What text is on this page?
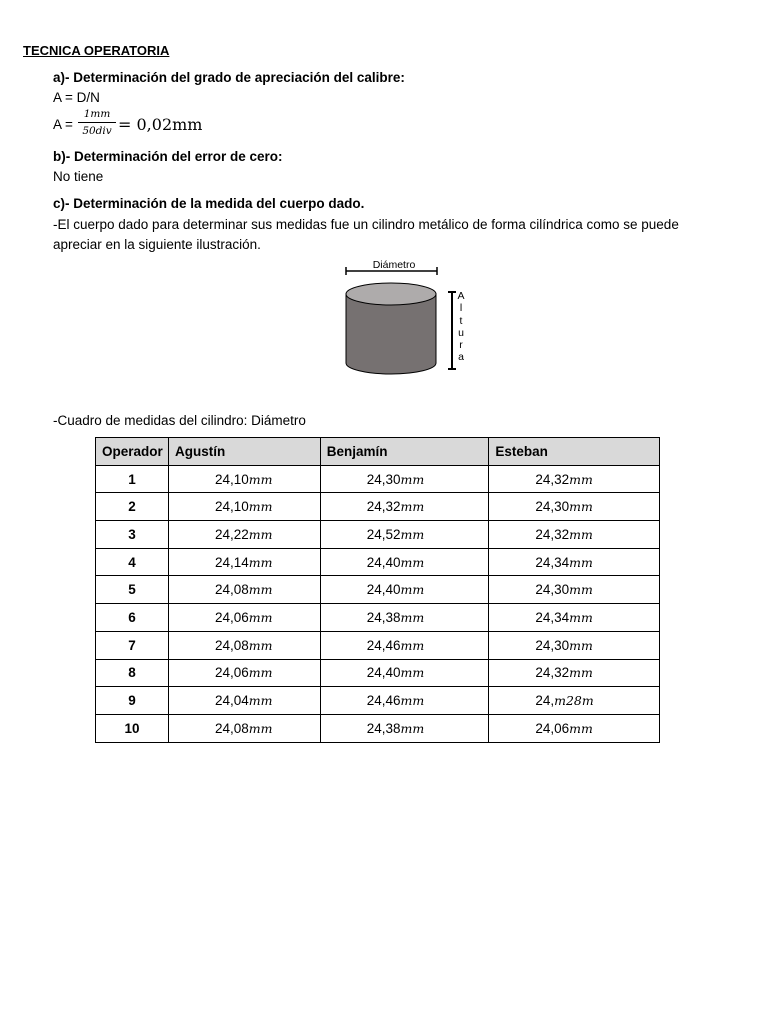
TECNICA OPERATORIA
a)- Determinación del grado de apreciación del calibre:
A = D/N
A =
1mm
50div = 0,02mm
b)- Determinación del error de cero:
No tiene
c)- Determinación de la medida del cuerpo dado.
-El cuerpo dado para determinar sus medidas fue un cilindro metálico de forma cilíndrica como se puede
apreciar en la siguiente ilustración.
Diámetro
A
l
t
u
r
a
-Cuadro de medidas del cilindro: Diámetro
Operador	Agustín	Benjamín	Esteban
1	24,10mm	24,30mm	24,32mm
2	24,10mm	24,32mm	24,30mm
3	24,22mm	24,52mm	24,32mm
4	24,14mm	24,40mm	24,34mm
5	24,08mm	24,40mm	24,30mm
6	24,06mm	24,38mm	24,34mm
7	24,08mm	24,46mm	24,30mm
8	24,06mm	24,40mm	24,32mm
9	24,04mm	24,46mm	24,m28m
10	24,08mm	24,38mm	24,06mm
